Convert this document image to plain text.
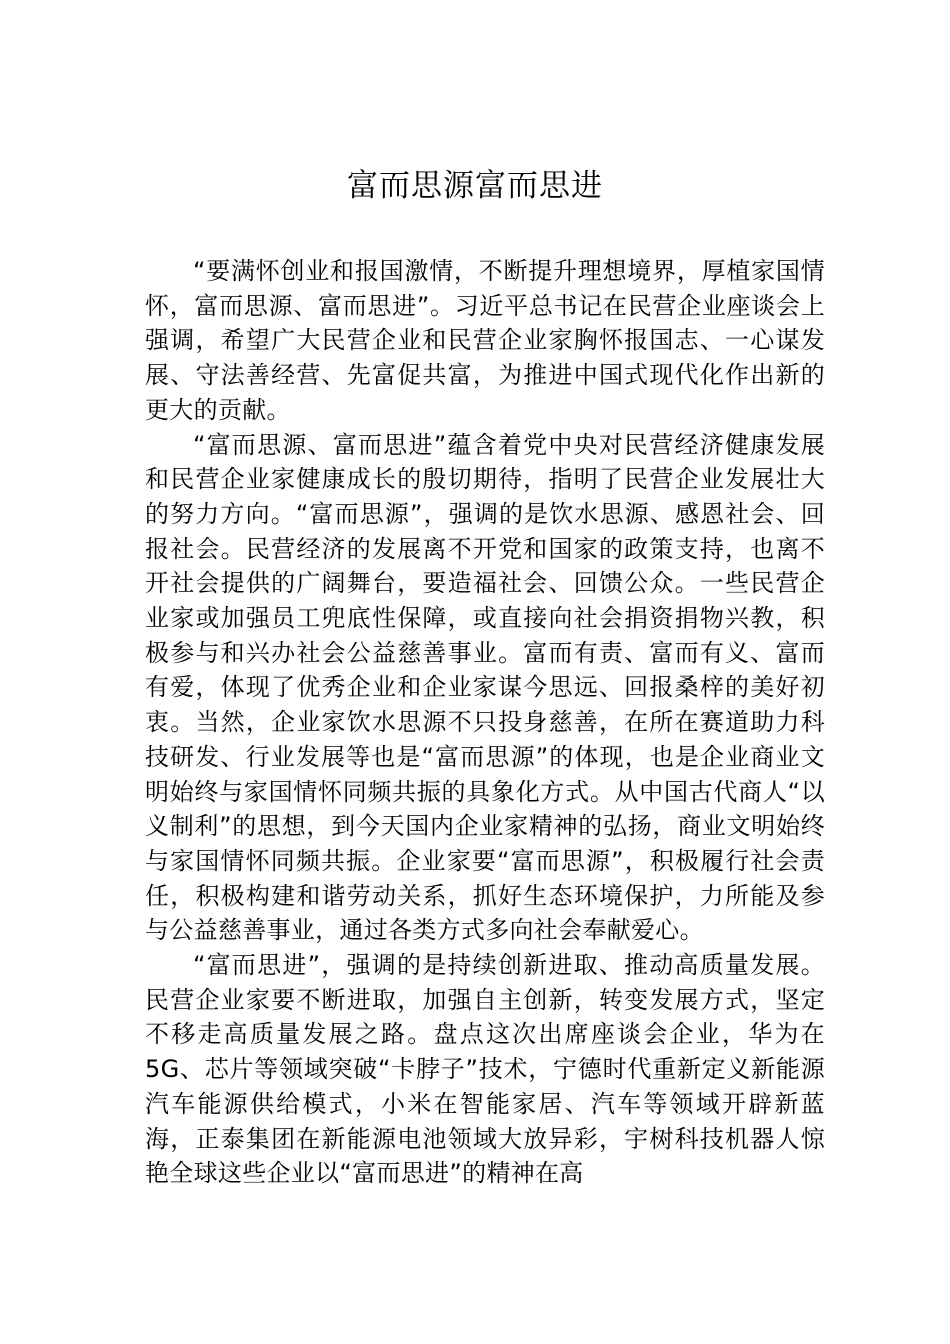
富而思源富而思进

“要满怀创业和报国激情，不断提升理想境界，厚植家国情怀，富而思源、富而思进”。习近平总书记在民营企业座谈会上强调，希望广大民营企业和民营企业家胸怀报国志、一心谋发展、守法善经营、先富促共富，为推进中国式现代化作出新的更大的贡献。

“富而思源、富而思进”蕴含着党中央对民营经济健康发展和民营企业家健康成长的殷切期待，指明了民营企业发展壮大的努力方向。“富而思源”，强调的是饮水思源、感恩社会、回报社会。民营经济的发展离不开党和国家的政策支持，也离不开社会提供的广阔舞台，要造福社会、回馈公众。一些民营企业家或加强员工兜底性保障，或直接向社会捐资捐物兴教，积极参与和兴办社会公益慈善事业。富而有责、富而有义、富而有爱，体现了优秀企业和企业家谋今思远、回报桑梓的美好初衷。当然，企业家饮水思源不只投身慈善，在所在赛道助力科技研发、行业发展等也是“富而思源”的体现，也是企业商业文明始终与家国情怀同频共振的具象化方式。从中国古代商人“以义制利”的思想，到今天国内企业家精神的弘扬，商业文明始终与家国情怀同频共振。企业家要“富而思源”，积极履行社会责任，积极构建和谐劳动关系，抓好生态环境保护，力所能及参与公益慈善事业，通过各类方式多向社会奉献爱心。

“富而思进”，强调的是持续创新进取、推动高质量发展。民营企业家要不断进取，加强自主创新，转变发展方式，坚定不移走高质量发展之路。盘点这次出席座谈会企业，华为在 5G、芯片等领域突破“卡脖子”技术，宁德时代重新定义新能源汽车能源供给模式，小米在智能家居、汽车等领域开辟新蓝海，正泰集团在新能源电池领域大放异彩，宇树科技机器人惊艳全球这些企业以“富而思进”的精神在高
